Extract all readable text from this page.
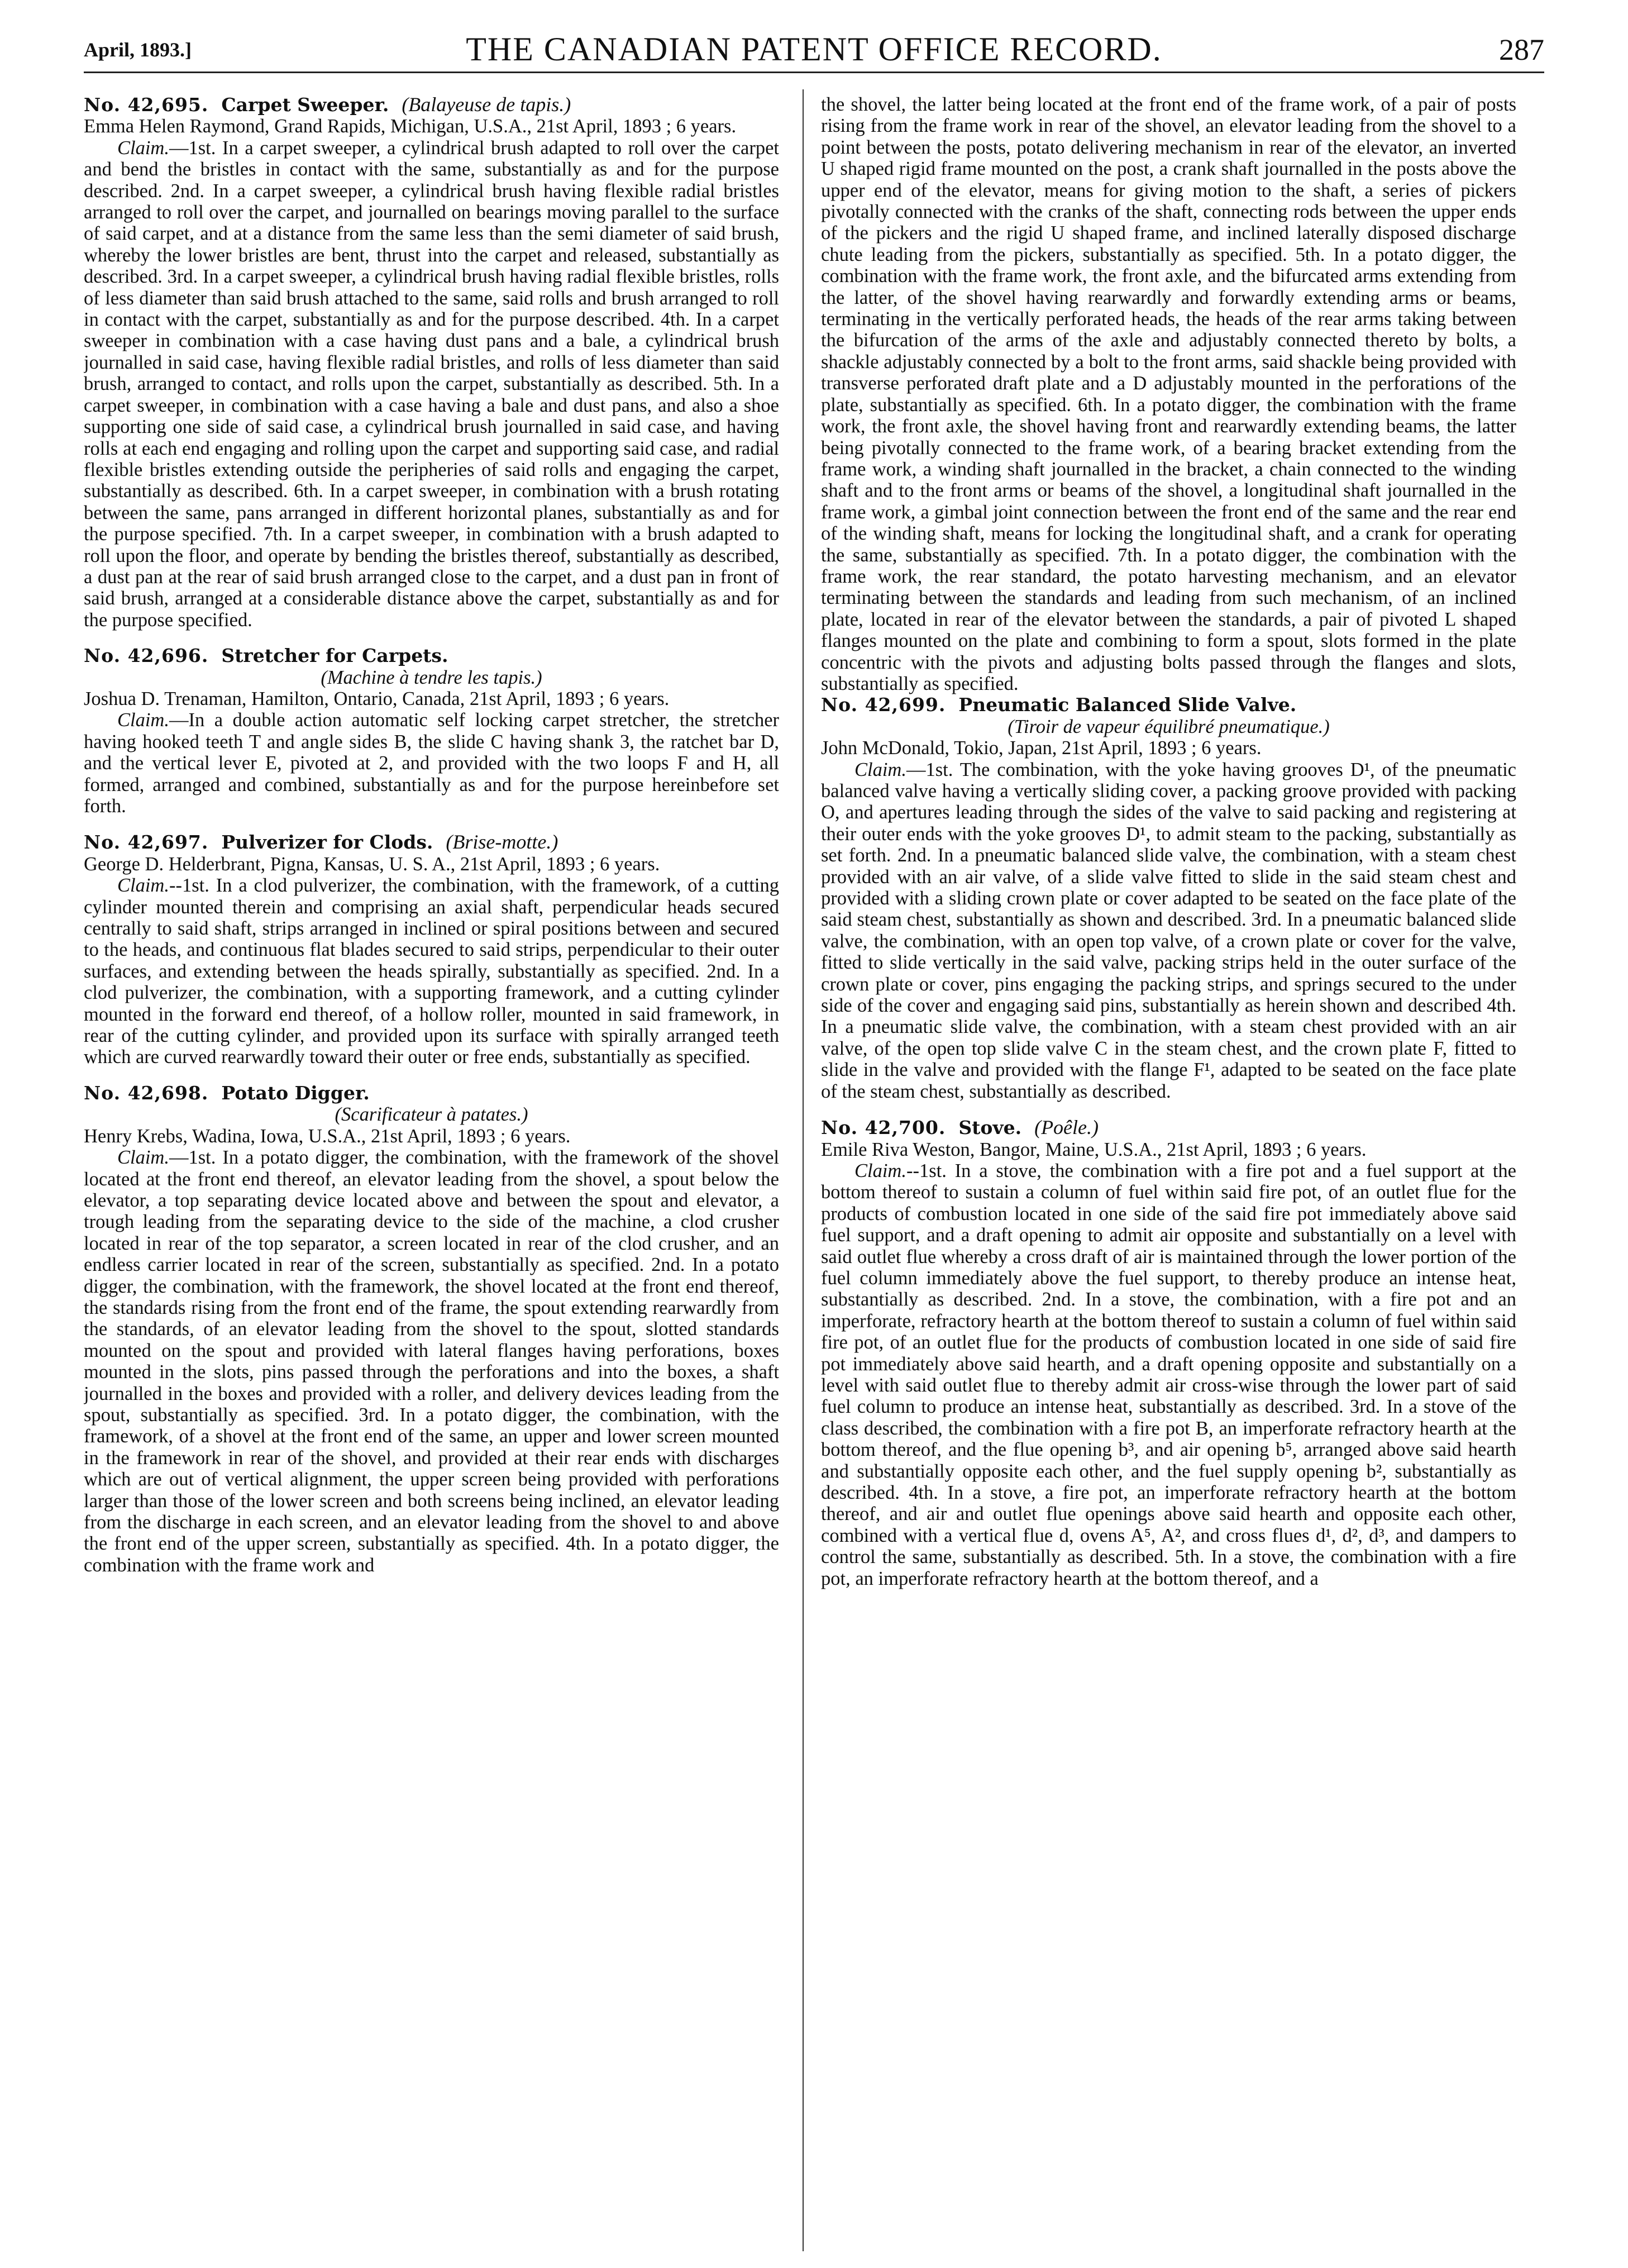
April, 1893.]	THE CANADIAN PATENT OFFICE RECORD.	287

No. 42,695. Carpet Sweeper. (Balayeuse de tapis.)

Emma Helen Raymond, Grand Rapids, Michigan, U.S.A., 21st April, 1893 ; 6 years.

Claim.—1st. In a carpet sweeper, a cylindrical brush adapted to roll over the carpet and bend the bristles in contact with the same, substantially as and for the purpose described. 2nd. In a carpet sweeper, a cylindrical brush having flexible radial bristles arranged to roll over the carpet, and journalled on bearings moving parallel to the surface of said carpet, and at a distance from the same less than the semi diameter of said brush, whereby the lower bristles are bent, thrust into the carpet and released, substantially as described. 3rd. In a carpet sweeper, a cylindrical brush having radial flexible bristles, rolls of less diameter than said brush attached to the same, said rolls and brush arranged to roll in contact with the carpet, substantially as and for the purpose described. 4th. In a carpet sweeper in combination with a case having dust pans and a bale, a cylindrical brush journalled in said case, having flexible radial bristles, and rolls of less diameter than said brush, arranged to contact, and rolls upon the carpet, substantially as described. 5th. In a carpet sweeper, in combination with a case having a bale and dust pans, and also a shoe supporting one side of said case, a cylindrical brush journalled in said case, and having rolls at each end engaging and rolling upon the carpet and supporting said case, and radial flexible bristles extending outside the peripheries of said rolls and engaging the carpet, substantially as described. 6th. In a carpet sweeper, in combination with a brush rotating between the same, pans arranged in different horizontal planes, substantially as and for the purpose specified. 7th. In a carpet sweeper, in combination with a brush adapted to roll upon the floor, and operate by bending the bristles thereof, substantially as described, a dust pan at the rear of said brush arranged close to the carpet, and a dust pan in front of said brush, arranged at a considerable distance above the carpet, substantially as and for the purpose specified.

No. 42,696. Stretcher for Carpets.

(Machine à tendre les tapis.)

Joshua D. Trenaman, Hamilton, Ontario, Canada, 21st April, 1893 ; 6 years.

Claim.—In a double action automatic self locking carpet stretcher, the stretcher having hooked teeth T and angle sides B, the slide C having shank 3, the ratchet bar D, and the vertical lever E, pivoted at 2, and provided with the two loops F and H, all formed, arranged and combined, substantially as and for the purpose hereinbefore set forth.

No. 42,697. Pulverizer for Clods. (Brise-motte.)

George D. Helderbrant, Pigna, Kansas, U. S. A., 21st April, 1893 ; 6 years.

Claim.--1st. In a clod pulverizer, the combination, with the framework, of a cutting cylinder mounted therein and comprising an axial shaft, perpendicular heads secured centrally to said shaft, strips arranged in inclined or spiral positions between and secured to the heads, and continuous flat blades secured to said strips, perpendicular to their outer surfaces, and extending between the heads spirally, substantially as specified. 2nd. In a clod pulverizer, the combination, with a supporting framework, and a cutting cylinder mounted in the forward end thereof, of a hollow roller, mounted in said framework, in rear of the cutting cylinder, and provided upon its surface with spirally arranged teeth which are curved rearwardly toward their outer or free ends, substantially as specified.

No. 42,698. Potato Digger.

(Scarificateur à patates.)

Henry Krebs, Wadina, Iowa, U.S.A., 21st April, 1893 ; 6 years.

Claim.—1st. In a potato digger, the combination, with the framework of the shovel located at the front end thereof, an elevator leading from the shovel, a spout below the elevator, a top separating device located above and between the spout and elevator, a trough leading from the separating device to the side of the machine, a clod crusher located in rear of the top separator, a screen located in rear of the clod crusher, and an endless carrier located in rear of the screen, substantially as specified. 2nd. In a potato digger, the combination, with the framework, the shovel located at the front end thereof, the standards rising from the front end of the frame, the spout extending rearwardly from the standards, of an elevator leading from the shovel to the spout, slotted standards mounted on the spout and provided with lateral flanges having perforations, boxes mounted in the slots, pins passed through the perforations and into the boxes, a shaft journalled in the boxes and provided with a roller, and delivery devices leading from the spout, substantially as specified. 3rd. In a potato digger, the combination, with the framework, of a shovel at the front end of the same, an upper and lower screen mounted in the framework in rear of the shovel, and provided at their rear ends with discharges which are out of vertical alignment, the upper screen being provided with perforations larger than those of the lower screen and both screens being inclined, an elevator leading from the discharge in each screen, and an elevator leading from the shovel to and above the front end of the upper screen, substantially as specified. 4th. In a potato digger, the combination with the frame work and

the shovel, the latter being located at the front end of the frame work, of a pair of posts rising from the frame work in rear of the shovel, an elevator leading from the shovel to a point between the posts, potato delivering mechanism in rear of the elevator, an inverted U shaped rigid frame mounted on the post, a crank shaft journalled in the posts above the upper end of the elevator, means for giving motion to the shaft, a series of pickers pivotally connected with the cranks of the shaft, connecting rods between the upper ends of the pickers and the rigid U shaped frame, and inclined laterally disposed discharge chute leading from the pickers, substantially as specified. 5th. In a potato digger, the combination with the frame work, the front axle, and the bifurcated arms extending from the latter, of the shovel having rearwardly and forwardly extending arms or beams, terminating in the vertically perforated heads, the heads of the rear arms taking between the bifurcation of the arms of the axle and adjustably connected thereto by bolts, a shackle adjustably connected by a bolt to the front arms, said shackle being provided with transverse perforated draft plate and a D adjustably mounted in the perforations of the plate, substantially as specified. 6th. In a potato digger, the combination with the frame work, the front axle, the shovel having front and rearwardly extending beams, the latter being pivotally connected to the frame work, of a bearing bracket extending from the frame work, a winding shaft journalled in the bracket, a chain connected to the winding shaft and to the front arms or beams of the shovel, a longitudinal shaft journalled in the frame work, a gimbal joint connection between the front end of the same and the rear end of the winding shaft, means for locking the longitudinal shaft, and a crank for operating the same, substantially as specified. 7th. In a potato digger, the combination with the frame work, the rear standard, the potato harvesting mechanism, and an elevator terminating between the standards and leading from such mechanism, of an inclined plate, located in rear of the elevator between the standards, a pair of pivoted L shaped flanges mounted on the plate and combining to form a spout, slots formed in the plate concentric with the pivots and adjusting bolts passed through the flanges and slots, substantially as specified.

No. 42,699. Pneumatic Balanced Slide Valve.

(Tiroir de vapeur équilibré pneumatique.)

John McDonald, Tokio, Japan, 21st April, 1893 ; 6 years.

Claim.—1st. The combination, with the yoke having grooves D¹, of the pneumatic balanced valve having a vertically sliding cover, a packing groove provided with packing O, and apertures leading through the sides of the valve to said packing and registering at their outer ends with the yoke grooves D¹, to admit steam to the packing, substantially as set forth. 2nd. In a pneumatic balanced slide valve, the combination, with a steam chest provided with an air valve, of a slide valve fitted to slide in the said steam chest and provided with a sliding crown plate or cover adapted to be seated on the face plate of the said steam chest, substantially as shown and described. 3rd. In a pneumatic balanced slide valve, the combination, with an open top valve, of a crown plate or cover for the valve, fitted to slide vertically in the said valve, packing strips held in the outer surface of the crown plate or cover, pins engaging the packing strips, and springs secured to the under side of the cover and engaging said pins, substantially as herein shown and described 4th. In a pneumatic slide valve, the combination, with a steam chest provided with an air valve, of the open top slide valve C in the steam chest, and the crown plate F, fitted to slide in the valve and provided with the flange F¹, adapted to be seated on the face plate of the steam chest, substantially as described.

No. 42,700. Stove. (Poêle.)

Emile Riva Weston, Bangor, Maine, U.S.A., 21st April, 1893 ; 6 years.

Claim.--1st. In a stove, the combination with a fire pot and a fuel support at the bottom thereof to sustain a column of fuel within said fire pot, of an outlet flue for the products of combustion located in one side of the said fire pot immediately above said fuel support, and a draft opening to admit air opposite and substantially on a level with said outlet flue whereby a cross draft of air is maintained through the lower portion of the fuel column immediately above the fuel support, to thereby produce an intense heat, substantially as described. 2nd. In a stove, the combination, with a fire pot and an imperforate, refractory hearth at the bottom thereof to sustain a column of fuel within said fire pot, of an outlet flue for the products of combustion located in one side of said fire pot immediately above said hearth, and a draft opening opposite and substantially on a level with said outlet flue to thereby admit air cross-wise through the lower part of said fuel column to produce an intense heat, substantially as described. 3rd. In a stove of the class described, the combination with a fire pot B, an imperforate refractory hearth at the bottom thereof, and the flue opening b³, and air opening b⁵, arranged above said hearth and substantially opposite each other, and the fuel supply opening b², substantially as described. 4th. In a stove, a fire pot, an imperforate refractory hearth at the bottom thereof, and air and outlet flue openings above said hearth and opposite each other, combined with a vertical flue d, ovens A⁵, A², and cross flues d¹, d², d³, and dampers to control the same, substantially as described. 5th. In a stove, the combination with a fire pot, an imperforate refractory hearth at the bottom thereof, and a
